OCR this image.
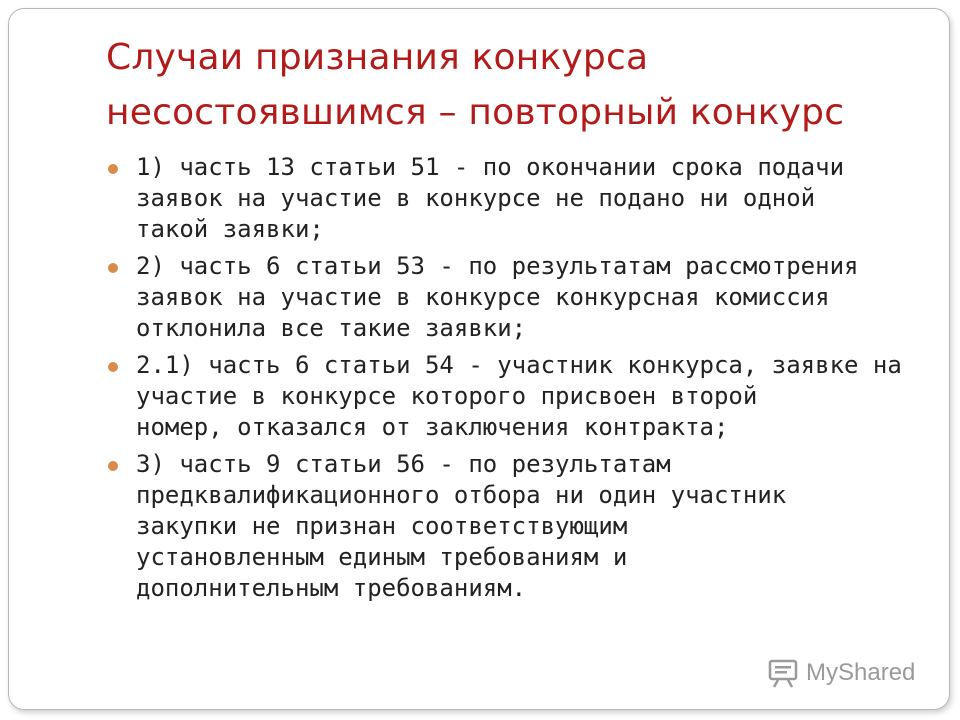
Случаи признания конкурса
несостоявшимся – повторный конкурс
1) часть 13 статьи 51 - по окончании срока подачи
заявок на участие в конкурсе не подано ни одной
такой заявки;
2) часть 6 статьи 53 - по результатам рассмотрения
заявок на участие в конкурсе конкурсная комиссия
отклонила все такие заявки;
2.1) часть 6 статьи 54 - участник конкурса, заявке на
участие в конкурсе которого присвоен второй
номер, отказался от заключения контракта;
3) часть 9 статьи 56 - по результатам
предквалификационного отбора ни один участник
закупки не признан соответствующим
установленным единым требованиям и
дополнительным требованиям.
MyShared
